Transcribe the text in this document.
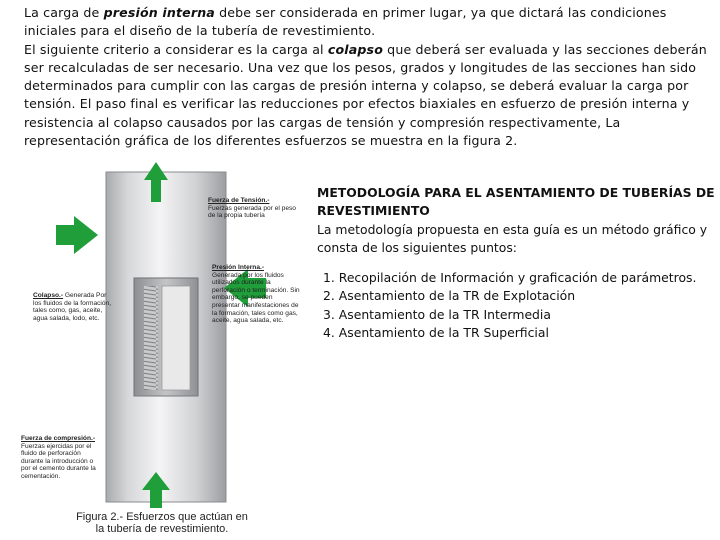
La carga de presión interna debe ser considerada en primer lugar, ya que dictará las condiciones iniciales para el diseño de la tubería de revestimiento.

El siguiente criterio a considerar es la carga al colapso que deberá ser evaluada y las secciones deberán ser recalculadas de ser necesario. Una vez que los pesos, grados y longitudes de las secciones han sido determinados para cumplir con las cargas de presión interna y colapso, se deberá evaluar la carga por tensión. El paso final es verificar las reducciones por efectos biaxiales en esfuerzo de presión interna y resistencia al colapso causados por las cargas de tensión y compresión respectivamente, La representación gráfica de los diferentes esfuerzos se muestra en la figura 2.

Fuerza de Tensión.-
Fuerzas generada por el peso de la propia tubería
Presión Interna.-
Generada por los fluidos utilizados durante la perforación o terminación. Sin embargo, se pueden presentar manifestaciones de la formación, tales como gas, aceite, agua salada, etc.
Colapso.- Generada Por los fluidos de la formación, tales como, gas, aceite, agua salada, lodo, etc.
Fuerza de compresión.-
Fuerzas ejercidas por el fluido de perforación durante la introducción o por el cemento durante la cementación.
Figura 2.- Esfuerzos que actúan en
la tubería de revestimiento.
METODOLOGÍA PARA EL ASENTAMIENTO DE TUBERÍAS DE REVESTIMIENTO
La metodología propuesta en esta guía es un método gráfico y consta de los siguientes puntos:
1. Recopilación de Información y graficación de parámetros.
2. Asentamiento de la TR de Explotación
3. Asentamiento de la TR Intermedia
4. Asentamiento de la TR Superficial
